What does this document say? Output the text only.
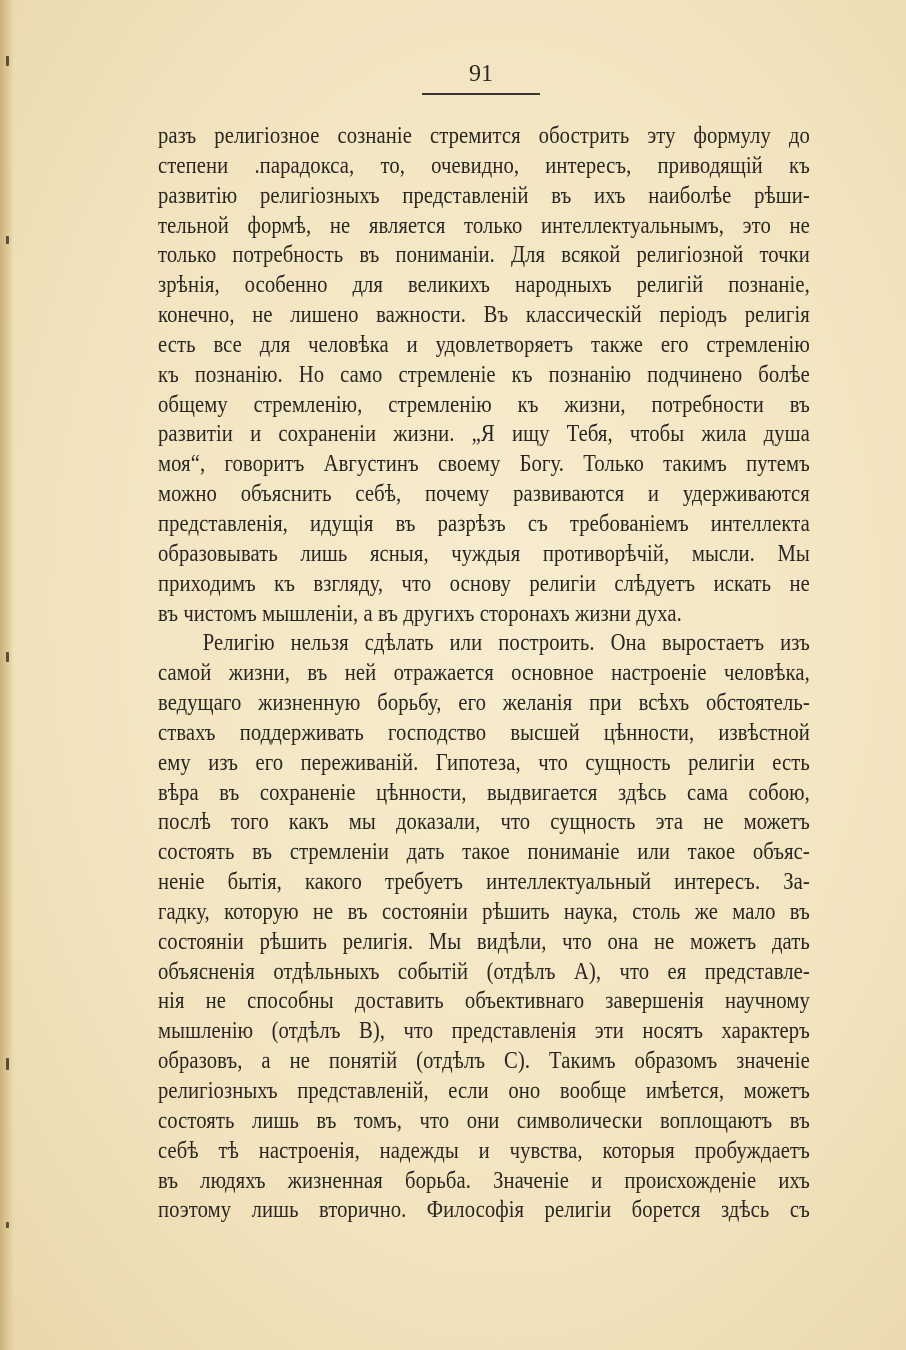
91
разъ религіозное сознаніе стремится обострить эту формулу до
степени .парадокса, то, очевидно, интересъ, приводящій къ
развитію религіозныхъ представленій въ ихъ наиболѣе рѣши-
тельной формѣ, не является только интеллектуальнымъ, это не
только потребность въ пониманіи. Для всякой религіозной точки
зрѣнія, особенно для великихъ народныхъ религій познаніе,
конечно, не лишено важности. Въ классическій періодъ религія
есть все для человѣка и удовлетворяетъ также его стремленію
къ познанію. Но само стремленіе къ познанію подчинено болѣе
общему стремленію, стремленію къ жизни, потребности въ
развитіи и сохраненіи жизни. „Я ищу Тебя, чтобы жила душа
моя“, говоритъ Августинъ своему Богу. Только такимъ путемъ
можно объяснить себѣ, почему развиваются и удерживаются
представленія, идущія въ разрѣзъ съ требованіемъ интеллекта
образовывать лишь ясныя, чуждыя противорѣчій, мысли. Мы
приходимъ къ взгляду, что основу религіи слѣдуетъ искать не
въ чистомъ мышленіи, а въ другихъ сторонахъ жизни духа.
Религію нельзя сдѣлать или построить. Она выростаетъ изъ
самой жизни, въ ней отражается основное настроеніе человѣка,
ведущаго жизненную борьбу, его желанія при всѣхъ обстоятель-
ствахъ поддерживать господство высшей цѣнности, извѣстной
ему изъ его переживаній. Гипотеза, что сущность религіи есть
вѣра въ сохраненіе цѣнности, выдвигается здѣсь сама собою,
послѣ того какъ мы доказали, что сущность эта не можетъ
состоять въ стремленіи дать такое пониманіе или такое объяс-
неніе бытія, какого требуетъ интеллектуальный интересъ. За-
гадку, которую не въ состояніи рѣшить наука, столь же мало въ
состояніи рѣшить религія. Мы видѣли, что она не можетъ дать
объясненія отдѣльныхъ событій (отдѣлъ А), что ея представле-
нія не способны доставить объективнаго завершенія научному
мышленію (отдѣлъ В), что представленія эти носятъ характеръ
образовъ, а не понятій (отдѣлъ С). Такимъ образомъ значеніе
религіозныхъ представленій, если оно вообще имѣется, можетъ
состоять лишь въ томъ, что они символически воплощаютъ въ
себѣ тѣ настроенія, надежды и чувства, которыя пробуждаетъ
въ людяхъ жизненная борьба. Значеніе и происхожденіе ихъ
поэтому лишь вторично. Философія религіи борется здѣсь съ
